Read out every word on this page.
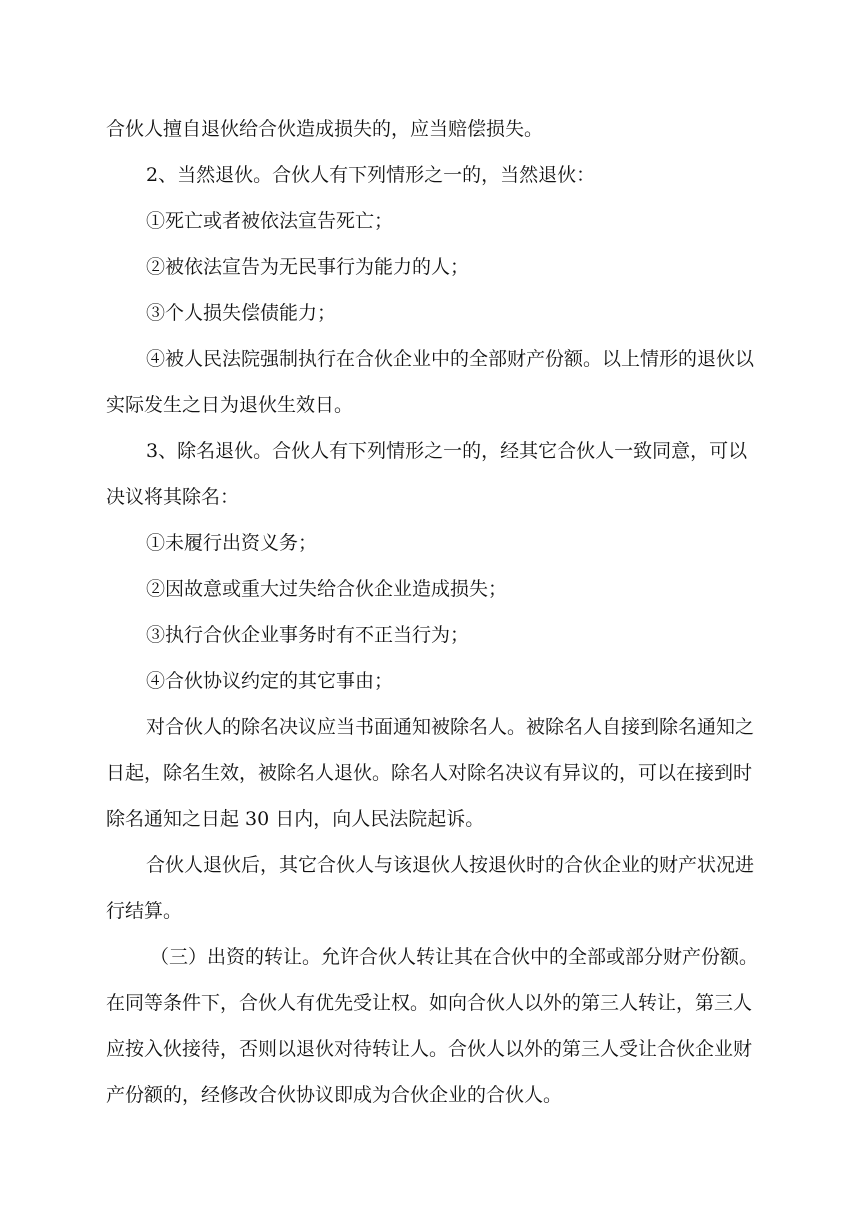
合伙人擅自退伙给合伙造成损失的，应当赔偿损失。

2、当然退伙。合伙人有下列情形之一的，当然退伙：

①死亡或者被依法宣告死亡；

②被依法宣告为无民事行为能力的人；

③个人损失偿债能力；

④被人民法院强制执行在合伙企业中的全部财产份额。以上情形的退伙以实际发生之日为退伙生效日。

3、除名退伙。合伙人有下列情形之一的，经其它合伙人一致同意，可以决议将其除名：

①未履行出资义务；

②因故意或重大过失给合伙企业造成损失；

③执行合伙企业事务时有不正当行为；

④合伙协议约定的其它事由；

对合伙人的除名决议应当书面通知被除名人。被除名人自接到除名通知之日起，除名生效，被除名人退伙。除名人对除名决议有异议的，可以在接到时除名通知之日起 30 日内，向人民法院起诉。

合伙人退伙后，其它合伙人与该退伙人按退伙时的合伙企业的财产状况进行结算。

（三）出资的转让。允许合伙人转让其在合伙中的全部或部分财产份额。在同等条件下，合伙人有优先受让权。如向合伙人以外的第三人转让，第三人应按入伙接待，否则以退伙对待转让人。合伙人以外的第三人受让合伙企业财产份额的，经修改合伙协议即成为合伙企业的合伙人。
